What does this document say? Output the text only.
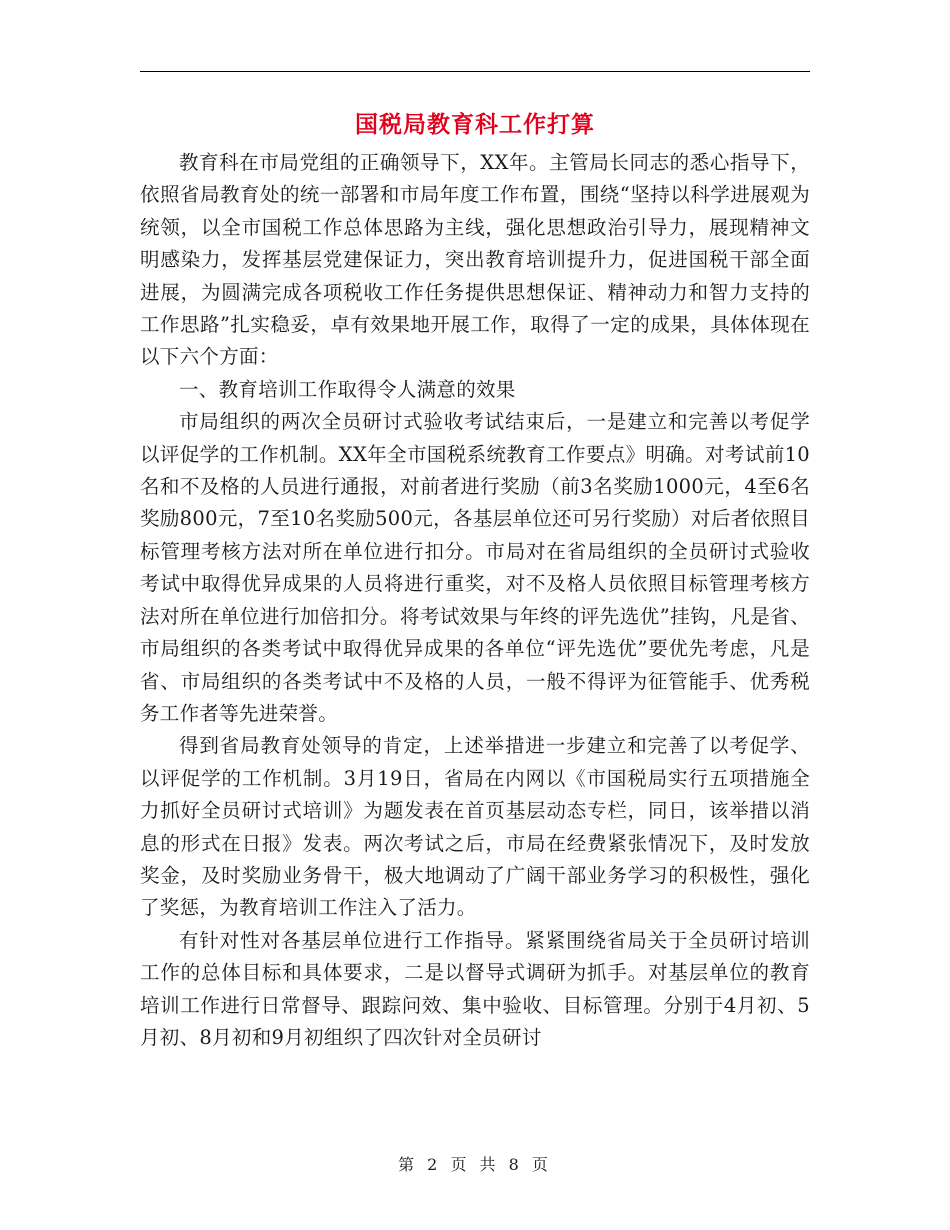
国税局教育科工作打算

教育科在市局党组的正确领导下，XX年。主管局长同志的悉心指导下，依照省局教育处的统一部署和市局年度工作布置，围绕“坚持以科学进展观为统领，以全市国税工作总体思路为主线，强化思想政治引导力，展现精神文明感染力，发挥基层党建保证力，突出教育培训提升力，促进国税干部全面进展，为圆满完成各项税收工作任务提供思想保证、精神动力和智力支持的工作思路”扎实稳妥，卓有效果地开展工作，取得了一定的成果，具体体现在以下六个方面：

一、教育培训工作取得令人满意的效果

市局组织的两次全员研讨式验收考试结束后，一是建立和完善以考促学以评促学的工作机制。XX年全市国税系统教育工作要点》明确。对考试前10名和不及格的人员进行通报，对前者进行奖励（前3名奖励1000元，4至6名奖励800元，7至10名奖励500元，各基层单位还可另行奖励）对后者依照目标管理考核方法对所在单位进行扣分。市局对在省局组织的全员研讨式验收考试中取得优异成果的人员将进行重奖，对不及格人员依照目标管理考核方法对所在单位进行加倍扣分。将考试效果与年终的评先选优”挂钩，凡是省、市局组织的各类考试中取得优异成果的各单位“评先选优”要优先考虑，凡是省、市局组织的各类考试中不及格的人员，一般不得评为征管能手、优秀税务工作者等先进荣誉。

得到省局教育处领导的肯定，上述举措进一步建立和完善了以考促学、以评促学的工作机制。3月19日，省局在内网以《市国税局实行五项措施全力抓好全员研讨式培训》为题发表在首页基层动态专栏，同日，该举措以消息的形式在日报》发表。两次考试之后，市局在经费紧张情况下，及时发放奖金，及时奖励业务骨干，极大地调动了广阔干部业务学习的积极性，强化了奖惩，为教育培训工作注入了活力。

有针对性对各基层单位进行工作指导。紧紧围绕省局关于全员研讨培训工作的总体目标和具体要求，二是以督导式调研为抓手。对基层单位的教育培训工作进行日常督导、跟踪问效、集中验收、目标管理。分别于4月初、5月初、8月初和9月初组织了四次针对全员研讨

第 2 页 共 8 页
